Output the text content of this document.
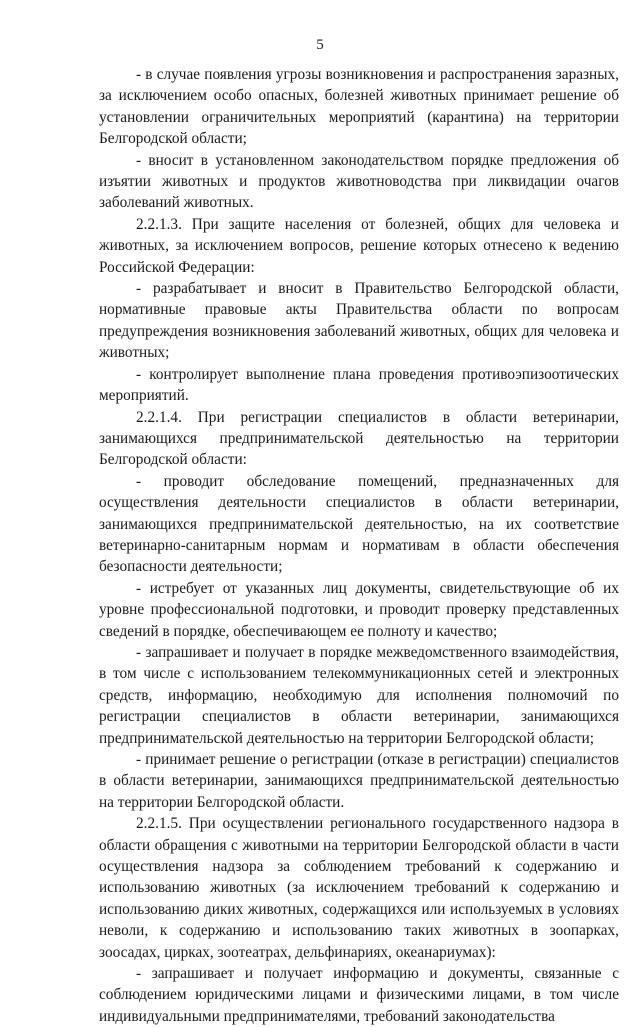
5

- в случае появления угрозы возникновения и распространения заразных, за исключением особо опасных, болезней животных принимает решение об установлении ограничительных мероприятий (карантина) на территории Белгородской области;

- вносит в установленном законодательством порядке предложения об изъятии животных и продуктов животноводства при ликвидации очагов заболеваний животных.

2.2.1.3. При защите населения от болезней, общих для человека и животных, за исключением вопросов, решение которых отнесено к ведению Российской Федерации:

- разрабатывает и вносит в Правительство Белгородской области, нормативные правовые акты Правительства области по вопросам предупреждения возникновения заболеваний животных, общих для человека и животных;

- контролирует выполнение плана проведения противоэпизоотических мероприятий.

2.2.1.4. При регистрации специалистов в области ветеринарии, занимающихся предпринимательской деятельностью на территории Белгородской области:

- проводит обследование помещений, предназначенных для осуществления деятельности специалистов в области ветеринарии, занимающихся предпринимательской деятельностью, на их соответствие ветеринарно-санитарным нормам и нормативам в области обеспечения безопасности деятельности;

- истребует от указанных лиц документы, свидетельствующие об их уровне профессиональной подготовки, и проводит проверку представленных сведений в порядке, обеспечивающем ее полноту и качество;

- запрашивает и получает в порядке межведомственного взаимодействия, в том числе с использованием телекоммуникационных сетей и электронных средств, информацию, необходимую для исполнения полномочий по регистрации специалистов в области ветеринарии, занимающихся предпринимательской деятельностью на территории Белгородской области;

- принимает решение о регистрации (отказе в регистрации) специалистов в области ветеринарии, занимающихся предпринимательской деятельностью на территории Белгородской области.

2.2.1.5. При осуществлении регионального государственного надзора в области обращения с животными на территории Белгородской области в части осуществления надзора за соблюдением требований к содержанию и использованию животных (за исключением требований к содержанию и использованию диких животных, содержащихся или используемых в условиях неволи, к содержанию и использованию таких животных в зоопарках, зоосадах, цирках, зоотеатрах, дельфинариях, океанариумах):

- запрашивает и получает информацию и документы, связанные с соблюдением юридическими лицами и физическими лицами, в том числе индивидуальными предпринимателями, требований законодательства
